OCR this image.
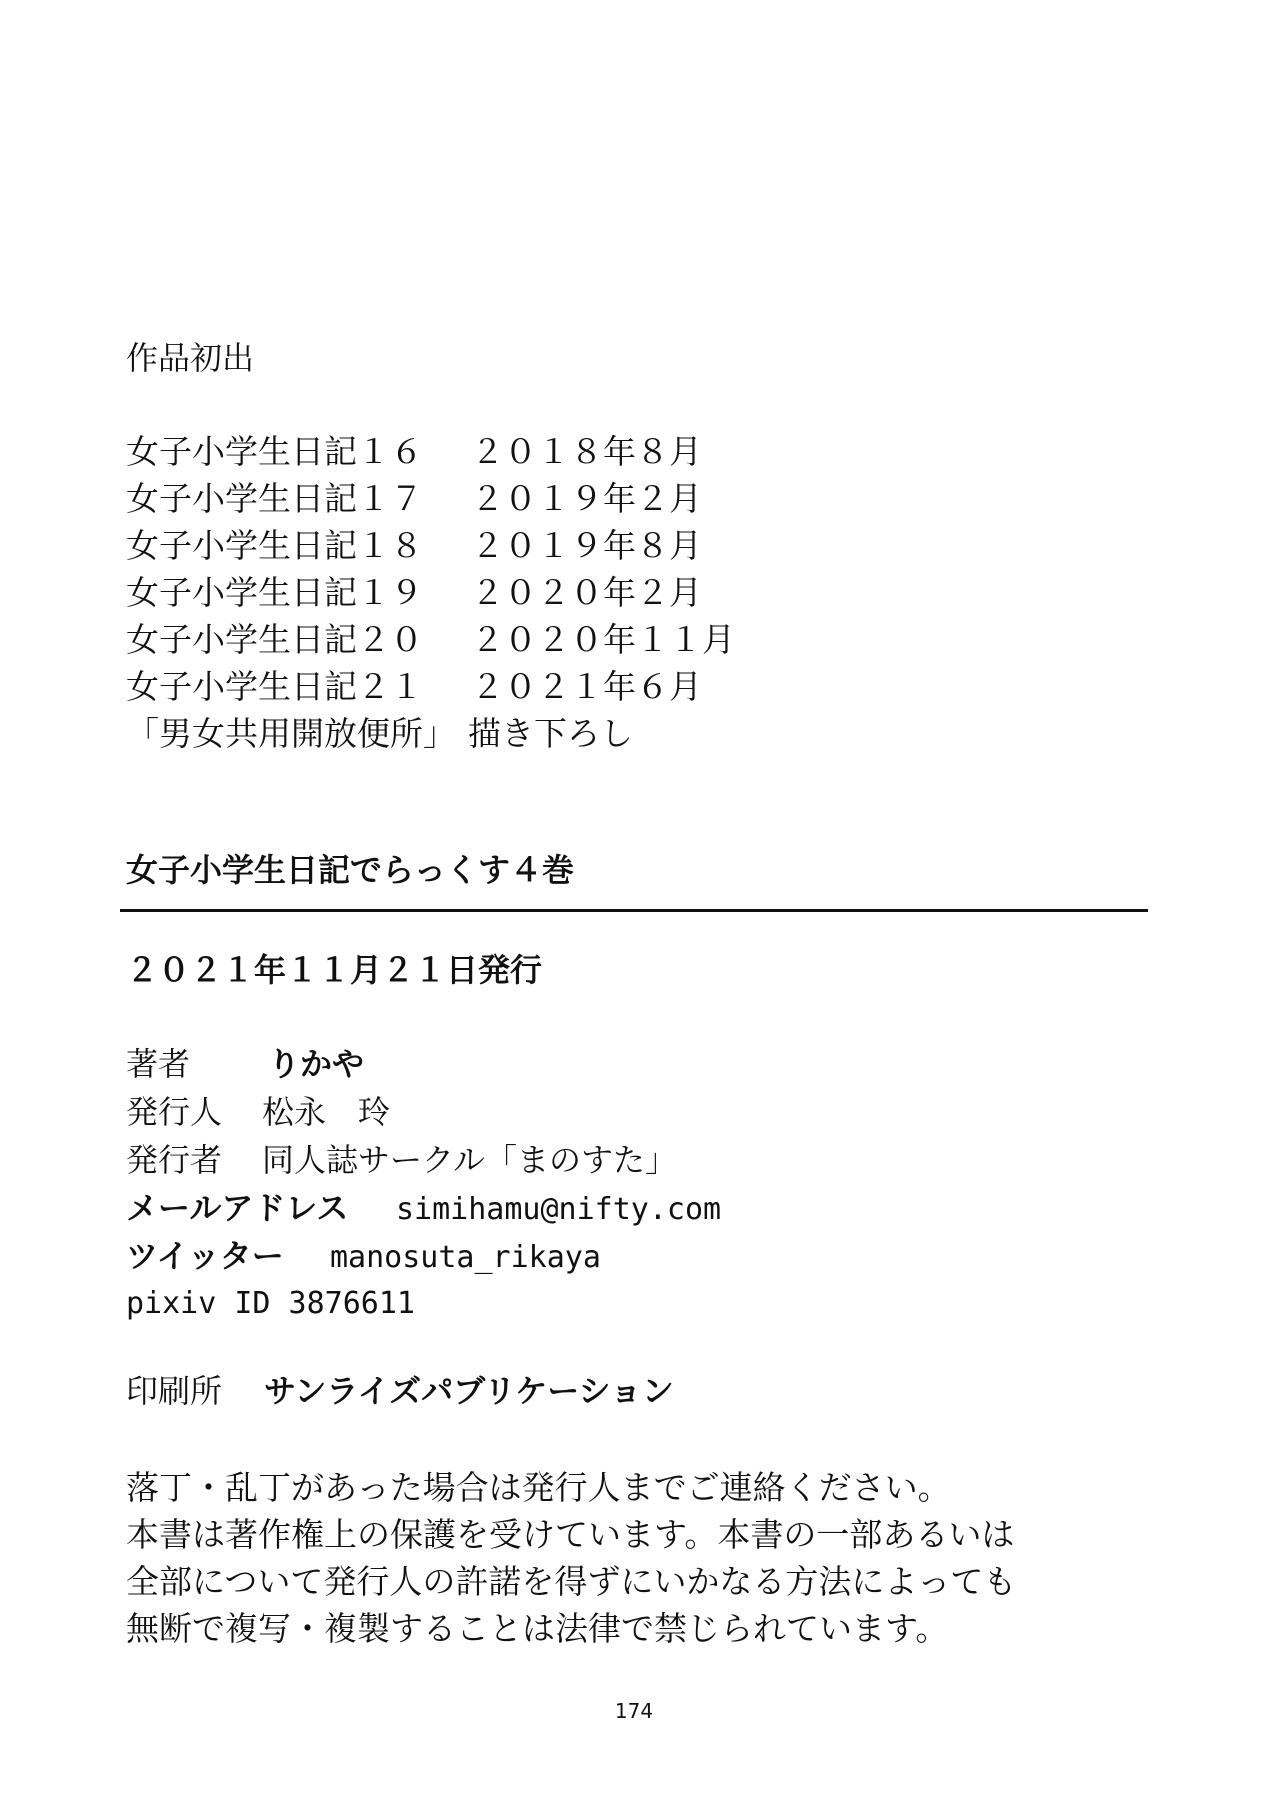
作品初出
女子小学生日記１６	２０１８年８月
女子小学生日記１７	２０１９年２月
女子小学生日記１８	２０１９年８月
女子小学生日記１９	２０２０年２月
女子小学生日記２０	２０２０年１１月
女子小学生日記２１	２０２１年６月
「男女共用開放便所」 描き下ろし
女子小学生日記でらっくす４巻
２０２１年１１月２１日発行
著者	りかや
発行人	松永　玲
発行者	同人誌サークル「まのすた」
メールアドレス	simihamu@nifty.com
ツイッター	manosuta_rikaya
pixiv ID 3876611
印刷所	サンライズパブリケーション
落丁・乱丁があった場合は発行人までご連絡ください。
本書は著作権上の保護を受けています。本書の一部あるいは
全部について発行人の許諾を得ずにいかなる方法によっても
無断で複写・複製することは法律で禁じられています。
174
